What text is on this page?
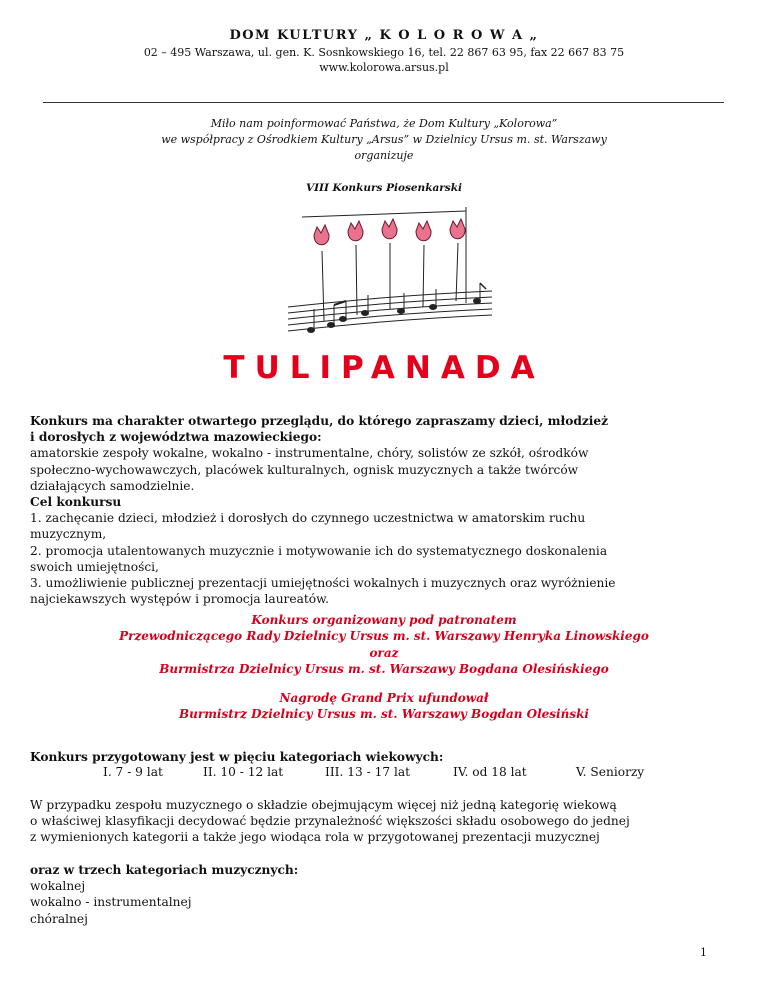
DOM KULTURY „ K O L O R O W A „
02 – 495 Warszawa, ul. gen. K. Sosnkowskiego 16, tel. 22 867 63 95, fax 22 667 83 75
www.kolorowa.arsus.pl
Miło nam poinformować Państwa, że Dom Kultury „Kolorowa”
we współpracy z Ośrodkiem Kultury „Arsus” w Dzielnicy Ursus m. st. Warszawy
organizuje
VIII Konkurs Piosenkarski
TULIPANADA
Konkurs ma charakter otwartego przeglądu, do którego zapraszamy dzieci, młodzież
i dorosłych z województwa mazowieckiego:
amatorskie zespoły wokalne, wokalno - instrumentalne, chóry, solistów ze szkół, ośrodków
społeczno-wychowawczych, placówek kulturalnych, ognisk muzycznych a także twórców
działających samodzielnie.
Cel konkursu
1. zachęcanie dzieci, młodzież i dorosłych do czynnego uczestnictwa w amatorskim ruchu
muzycznym,
2. promocja utalentowanych muzycznie i motywowanie ich do systematycznego doskonalenia
swoich umiejętności,
3. umożliwienie publicznej prezentacji umiejętności wokalnych i muzycznych oraz wyróżnienie
najciekawszych występów i promocja laureatów.
Konkurs organizowany pod patronatem
Przewodniczącego Rady Dzielnicy Ursus m. st. Warszawy Henryka Linowskiego
oraz
Burmistrza Dzielnicy Ursus m. st. Warszawy Bogdana Olesińskiego
Nagrodę Grand Prix ufundował
Burmistrz Dzielnicy Ursus m. st. Warszawy Bogdan Olesiński
Konkurs przygotowany jest w pięciu kategoriach wiekowych:
I. 7 - 9 lat	II. 10 - 12 lat	III. 13 - 17 lat	IV. od 18 lat	V. Seniorzy
W przypadku zespołu muzycznego o składzie obejmującym więcej niż jedną kategorię wiekową
o właściwej klasyfikacji decydować będzie przynależność większości składu osobowego do jednej
z wymienionych kategorii a także jego wiodąca rola w przygotowanej prezentacji muzycznej
oraz w trzech kategoriach muzycznych:
wokalnej
wokalno - instrumentalnej
chóralnej
1
